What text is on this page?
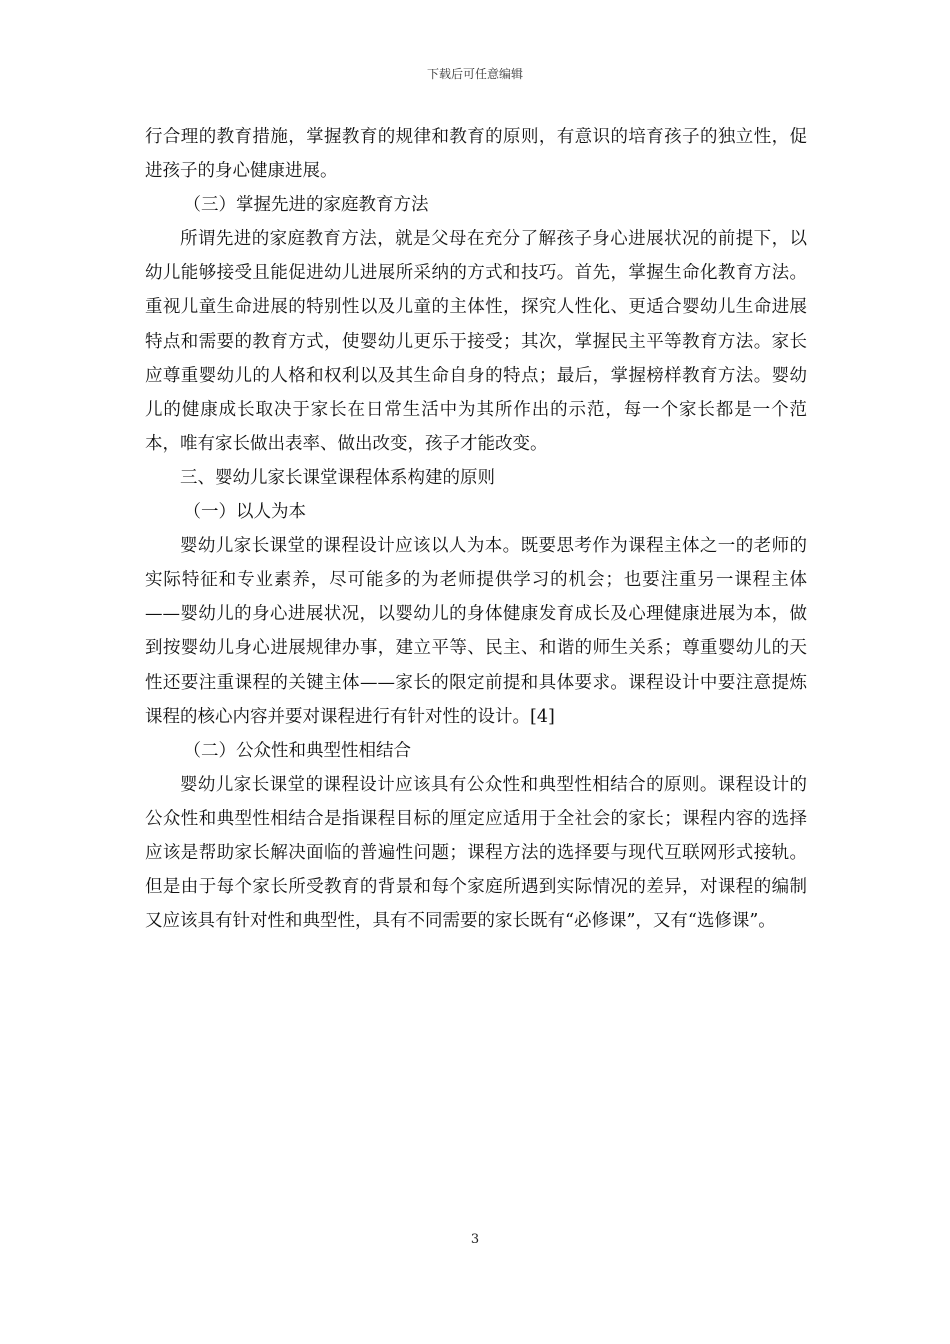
下载后可任意编辑

行合理的教育措施，掌握教育的规律和教育的原则，有意识的培育孩子的独立性，促进孩子的身心健康进展。

（三）掌握先进的家庭教育方法

所谓先进的家庭教育方法，就是父母在充分了解孩子身心进展状况的前提下，以幼儿能够接受且能促进幼儿进展所采纳的方式和技巧。首先，掌握生命化教育方法。重视儿童生命进展的特别性以及儿童的主体性，探究人性化、更适合婴幼儿生命进展特点和需要的教育方式，使婴幼儿更乐于接受；其次，掌握民主平等教育方法。家长应尊重婴幼儿的人格和权利以及其生命自身的特点；最后，掌握榜样教育方法。婴幼儿的健康成长取决于家长在日常生活中为其所作出的示范，每一个家长都是一个范本，唯有家长做出表率、做出改变，孩子才能改变。

三、婴幼儿家长课堂课程体系构建的原则

（一）以人为本

婴幼儿家长课堂的课程设计应该以人为本。既要思考作为课程主体之一的老师的实际特征和专业素养，尽可能多的为老师提供学习的机会；也要注重另一课程主体——婴幼儿的身心进展状况，以婴幼儿的身体健康发育成长及心理健康进展为本，做到按婴幼儿身心进展规律办事，建立平等、民主、和谐的师生关系；尊重婴幼儿的天性还要注重课程的关键主体——家长的限定前提和具体要求。课程设计中要注意提炼课程的核心内容并要对课程进行有针对性的设计。[4]

（二）公众性和典型性相结合

婴幼儿家长课堂的课程设计应该具有公众性和典型性相结合的原则。课程设计的公众性和典型性相结合是指课程目标的厘定应适用于全社会的家长；课程内容的选择应该是帮助家长解决面临的普遍性问题；课程方法的选择要与现代互联网形式接轨。但是由于每个家长所受教育的背景和每个家庭所遇到实际情况的差异，对课程的编制又应该具有针对性和典型性，具有不同需要的家长既有“必修课”，又有“选修课”。

3
